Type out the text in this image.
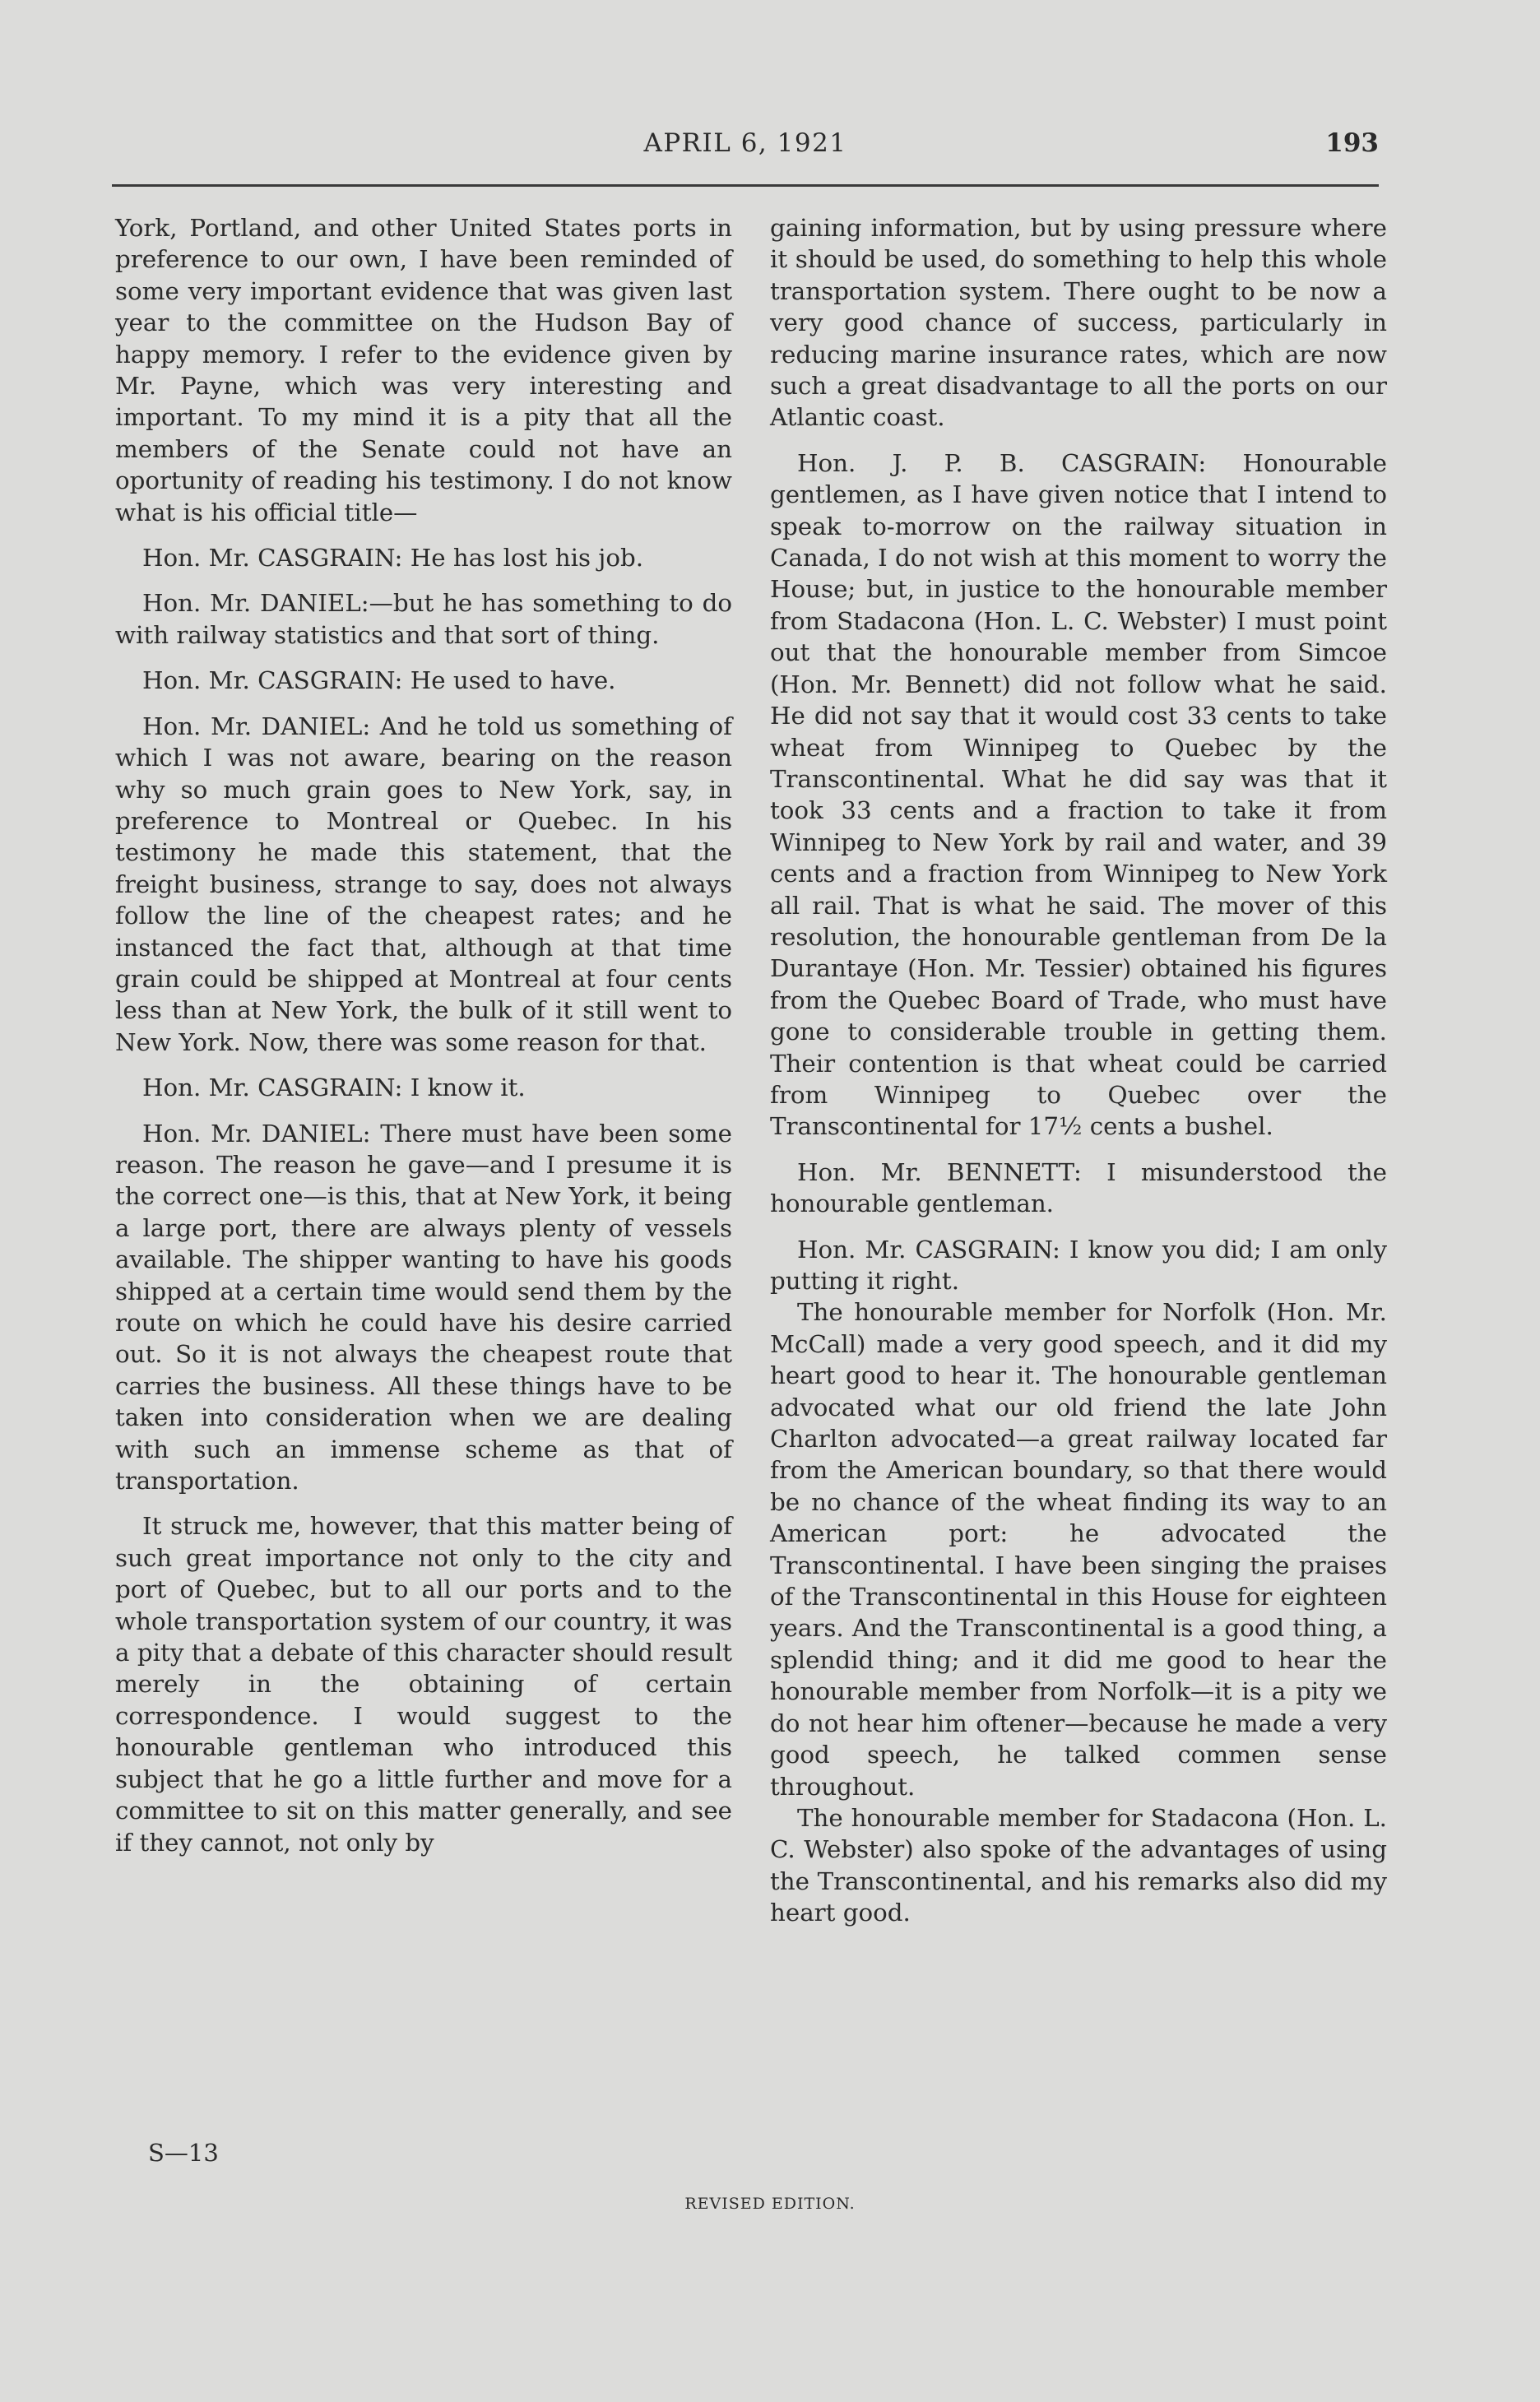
APRIL 6, 1921	193

York, Portland, and other United States ports in preference to our own, I have been reminded of some very important evidence that was given last year to the committee on the Hudson Bay of happy memory. I refer to the evidence given by Mr. Payne, which was very interesting and important. To my mind it is a pity that all the members of the Senate could not have an oportunity of reading his testimony. I do not know what is his official title—

Hon. Mr. CASGRAIN: He has lost his job.

Hon. Mr. DANIEL:—but he has something to do with railway statistics and that sort of thing.

Hon. Mr. CASGRAIN: He used to have.

Hon. Mr. DANIEL: And he told us something of which I was not aware, bearing on the reason why so much grain goes to New York, say, in preference to Montreal or Quebec. In his testimony he made this statement, that the freight business, strange to say, does not always follow the line of the cheapest rates; and he instanced the fact that, although at that time grain could be shipped at Montreal at four cents less than at New York, the bulk of it still went to New York. Now, there was some reason for that.

Hon. Mr. CASGRAIN: I know it.

Hon. Mr. DANIEL: There must have been some reason. The reason he gave—and I presume it is the correct one—is this, that at New York, it being a large port, there are always plenty of vessels available. The shipper wanting to have his goods shipped at a certain time would send them by the route on which he could have his desire carried out. So it is not always the cheapest route that carries the business. All these things have to be taken into consideration when we are dealing with such an immense scheme as that of transportation.

It struck me, however, that this matter being of such great importance not only to the city and port of Quebec, but to all our ports and to the whole transportation system of our country, it was a pity that a debate of this character should result merely in the obtaining of certain correspondence. I would suggest to the honourable gentleman who introduced this subject that he go a little further and move for a committee to sit on this matter generally, and see if they cannot, not only by

gaining information, but by using pressure where it should be used, do something to help this whole transportation system. There ought to be now a very good chance of success, particularly in reducing marine insurance rates, which are now such a great disadvantage to all the ports on our Atlantic coast.

Hon. J. P. B. CASGRAIN: Honourable gentlemen, as I have given notice that I intend to speak to-morrow on the railway situation in Canada, I do not wish at this moment to worry the House; but, in justice to the honourable member from Stadacona (Hon. L. C. Webster) I must point out that the honourable member from Simcoe (Hon. Mr. Bennett) did not follow what he said. He did not say that it would cost 33 cents to take wheat from Winnipeg to Quebec by the Transcontinental. What he did say was that it took 33 cents and a fraction to take it from Winnipeg to New York by rail and water, and 39 cents and a fraction from Winnipeg to New York all rail. That is what he said. The mover of this resolution, the honourable gentleman from De la Durantaye (Hon. Mr. Tessier) obtained his figures from the Quebec Board of Trade, who must have gone to considerable trouble in getting them. Their contention is that wheat could be carried from Winnipeg to Quebec over the Transcontinental for 17½ cents a bushel.

Hon. Mr. BENNETT: I misunderstood the honourable gentleman.

Hon. Mr. CASGRAIN: I know you did; I am only putting it right.

The honourable member for Norfolk (Hon. Mr. McCall) made a very good speech, and it did my heart good to hear it. The honourable gentleman advocated what our old friend the late John Charlton advocated—a great railway located far from the American boundary, so that there would be no chance of the wheat finding its way to an American port: he advocated the Transcontinental. I have been singing the praises of the Transcontinental in this House for eighteen years. And the Transcontinental is a good thing, a splendid thing; and it did me good to hear the honourable member from Norfolk—it is a pity we do not hear him oftener—because he made a very good speech, he talked commen sense throughout.

The honourable member for Stadacona (Hon. L. C. Webster) also spoke of the advantages of using the Transcontinental, and his remarks also did my heart good.

S—13
REVISED EDITION.
